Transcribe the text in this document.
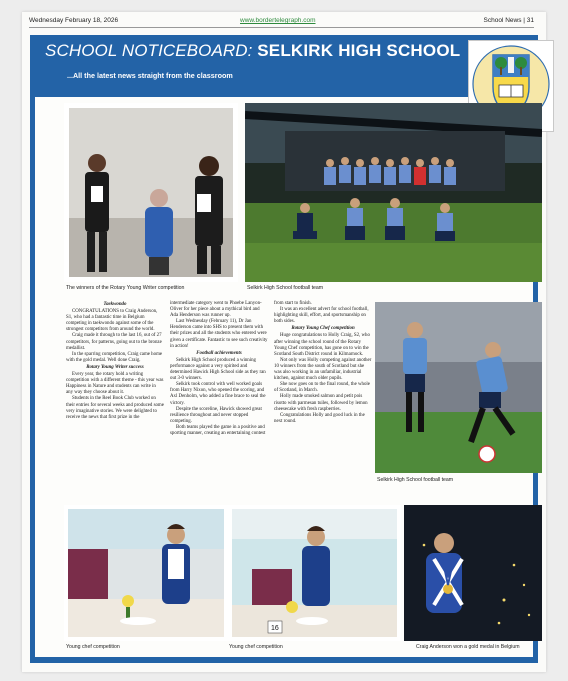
Wednesday February 18, 2026	www.bordertelegraph.com	School News | 31
SCHOOL NOTICEBOARD: SELKIRK HIGH SCHOOL
...All the latest news straight from the classroom
The winners of the Rotary Young Writer competition	Selkirk High School football team

Taekwondo

CONGRATULATIONS to Craig Anderson, S1, who had a fantastic time in Belgium competing in taekwondo against some of the strongest competitors from around the world.

Craig made it through to the last 16, out of 27 competitors, for patterns, going out to the bronze medallist.

In the sparring competition, Craig came home with the gold medal. Well done Craig.

Rotary Young Writer success

Every year, the rotary hold a writing competition with a different theme - this year was Happiness in Nature and students can write in any way they choose about it.

Students in the Reel Book Club worked on their entries for several weeks and produced some very imaginative stories. We were delighted to receive the news that first prize in the

intermediate category went to Phoebe Lanyon-Oliver for her piece about a mythical bird and Ada Henderson was runner up.

Last Wednesday (February 11), Dr Jan Henderson came into SHS to present them with their prizes and all the students who entered were given a certificate. Fantastic to see such creativity in action!

Football achievements

Selkirk High School produced a winning performance against a very spirited and determined Hawick High School side as they ran out 3-0 winners.

Selkirk took control with well worked goals from Harry Nixon, who opened the scoring, and Axl Denholm, who added a fine brace to seal the victory.

Despite the scoreline, Hawick showed great resilience throughout and never stopped competing.

Both teams played the game in a positive and sporting manner, creating an entertaining contest

from start to finish.

It was an excellent advert for school football, highlighting skill, effort, and sportsmanship on both sides.

Rotary Young Chef competition

Huge congratulations to Holly Craig, S2, who after winning the school round of the Rotary Young Chef competition, has gone on to win the Scotland South District round in Kilmarnock.

Not only was Holly competing against another 10 winners from the south of Scotland but she was also working in an unfamiliar, industrial kitchen, against much older pupils.

She now goes on to the final round, the whole of Scotland, in March.

Holly made smoked salmon and petit pois risotto with parmesan tuiles, followed by lemon cheesecake with fresh raspberries.

Congratulations Holly and good luck in the next round.

Selkirk High School football team
Young chef competition
16
Young chef competition	Craig Anderson won a gold medal in Belgium
